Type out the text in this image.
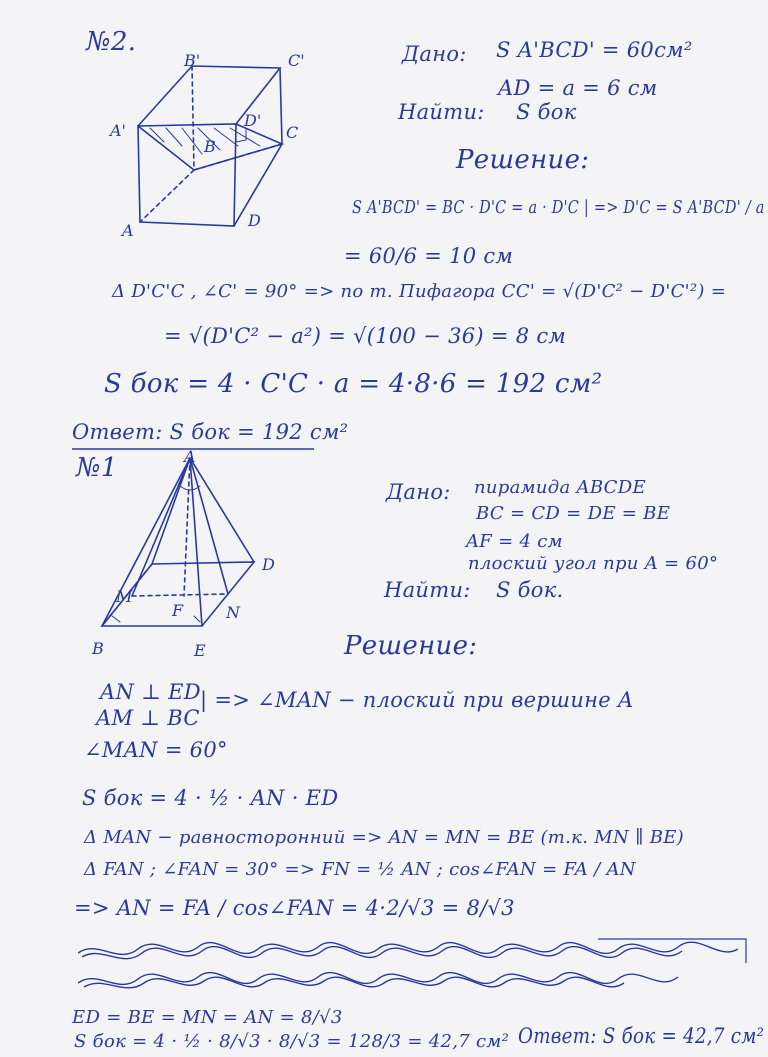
№2.
B'	C'
A'
D'
B
C
A
D
Дано: S A'BCD' = 60см²
AD = a = 6 см
Найти: S бок
Решение:
S A'BCD' = BC · D'C = a · D'C | => D'C = S A'BCD' / a
= 60/6 = 10 см
Δ D'C'C , ∠C' = 90° => по т. Пифагора CC' = √(D'C² − D'C'²) =
= √(D'C² − a²) = √(100 − 36) = 8 см
S бок = 4 · C'C · a = 4·8·6 = 192 см²
Ответ: S бок = 192 см²
№1	A
M
F	N
D
B	E
Дано: пирамида ABCDE
BC = CD = DE = BE
AF = 4 см
плоский угол при A = 60°
Найти: S бок.
Решение:
AN ⊥ ED
AM ⊥ BC
| => ∠MAN − плоский при вершине A
∠MAN = 60°
S бок = 4 · ½ · AN · ED
Δ MAN − равносторонний => AN = MN = BE (т.к. MN ∥ BE)
Δ FAN ; ∠FAN = 30° => FN = ½ AN ; cos∠FAN = FA / AN
=> AN = FA / cos∠FAN = 4·2/√3 = 8/√3
ED = BE = MN = AN = 8/√3
S бок = 4 · ½ · 8/√3 · 8/√3 = 128/3 = 42,7 см² Ответ: S бок = 42,7 см²
